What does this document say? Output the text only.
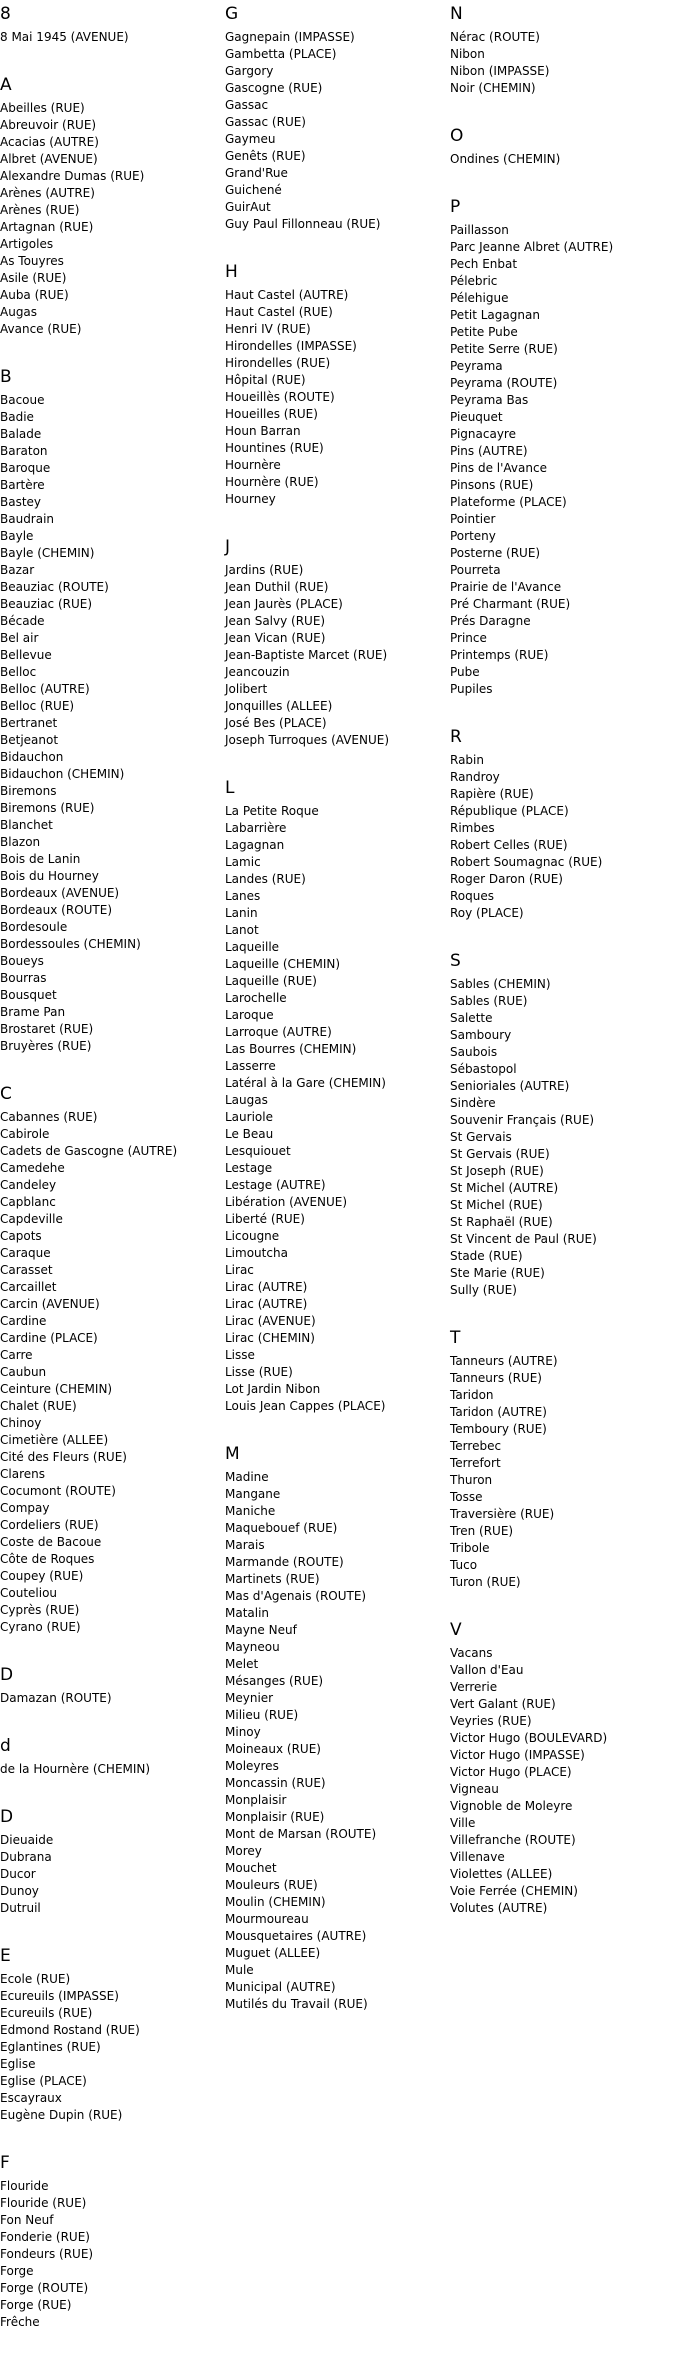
8
8 Mai 1945 (AVENUE)
A
Abeilles (RUE)
Abreuvoir (RUE)
Acacias (AUTRE)
Albret (AVENUE)
Alexandre Dumas (RUE)
Arènes (AUTRE)
Arènes (RUE)
Artagnan (RUE)
Artigoles
As Touyres
Asile (RUE)
Auba (RUE)
Augas
Avance (RUE)
B
Bacoue
Badie
Balade
Baraton
Baroque
Bartère
Bastey
Baudrain
Bayle
Bayle (CHEMIN)
Bazar
Beauziac (ROUTE)
Beauziac (RUE)
Bécade
Bel air
Bellevue
Belloc
Belloc (AUTRE)
Belloc (RUE)
Bertranet
Betjeanot
Bidauchon
Bidauchon (CHEMIN)
Biremons
Biremons (RUE)
Blanchet
Blazon
Bois de Lanin
Bois du Hourney
Bordeaux (AVENUE)
Bordeaux (ROUTE)
Bordesoule
Bordessoules (CHEMIN)
Boueys
Bourras
Bousquet
Brame Pan
Brostaret (RUE)
Bruyères (RUE)
C
Cabannes (RUE)
Cabirole
Cadets de Gascogne (AUTRE)
Camedehe
Candeley
Capblanc
Capdeville
Capots
Caraque
Carasset
Carcaillet
Carcin (AVENUE)
Cardine
Cardine (PLACE)
Carre
Caubun
Ceinture (CHEMIN)
Chalet (RUE)
Chinoy
Cimetière (ALLEE)
Cité des Fleurs (RUE)
Clarens
Cocumont (ROUTE)
Compay
Cordeliers (RUE)
Coste de Bacoue
Côte de Roques
Coupey (RUE)
Couteliou
Cyprès (RUE)
Cyrano (RUE)
D
Damazan (ROUTE)
d
de la Hournère (CHEMIN)
D
Dieuaide
Dubrana
Ducor
Dunoy
Dutruil
E
Ecole (RUE)
Ecureuils (IMPASSE)
Ecureuils (RUE)
Edmond Rostand (RUE)
Eglantines (RUE)
Eglise
Eglise (PLACE)
Escayraux
Eugène Dupin (RUE)
F
Flouride
Flouride (RUE)
Fon Neuf
Fonderie (RUE)
Fondeurs (RUE)
Forge
Forge (ROUTE)
Forge (RUE)
Frêche
G
Gagnepain (IMPASSE)
Gambetta (PLACE)
Gargory
Gascogne (RUE)
Gassac
Gassac (RUE)
Gaymeu
Genêts (RUE)
Grand'Rue
Guichené
GuirAut
Guy Paul Fillonneau (RUE)
H
Haut Castel (AUTRE)
Haut Castel (RUE)
Henri IV (RUE)
Hirondelles (IMPASSE)
Hirondelles (RUE)
Hôpital (RUE)
Houeillès (ROUTE)
Houeilles (RUE)
Houn Barran
Hountines (RUE)
Hournère
Hournère (RUE)
Hourney
J
Jardins (RUE)
Jean Duthil (RUE)
Jean Jaurès (PLACE)
Jean Salvy (RUE)
Jean Vican (RUE)
Jean-Baptiste Marcet (RUE)
Jeancouzin
Jolibert
Jonquilles (ALLEE)
José Bes (PLACE)
Joseph Turroques (AVENUE)
L
La Petite Roque
Labarrière
Lagagnan
Lamic
Landes (RUE)
Lanes
Lanin
Lanot
Laqueille
Laqueille (CHEMIN)
Laqueille (RUE)
Larochelle
Laroque
Larroque (AUTRE)
Las Bourres (CHEMIN)
Lasserre
Latéral à la Gare (CHEMIN)
Laugas
Lauriole
Le Beau
Lesquiouet
Lestage
Lestage (AUTRE)
Libération (AVENUE)
Liberté (RUE)
Licougne
Limoutcha
Lirac
Lirac (AUTRE)
Lirac (AUTRE)
Lirac (AVENUE)
Lirac (CHEMIN)
Lisse
Lisse (RUE)
Lot Jardin Nibon
Louis Jean Cappes (PLACE)
M
Madine
Mangane
Maniche
Maquebouef (RUE)
Marais
Marmande (ROUTE)
Martinets (RUE)
Mas d'Agenais (ROUTE)
Matalin
Mayne Neuf
Mayneou
Melet
Mésanges (RUE)
Meynier
Milieu (RUE)
Minoy
Moineaux (RUE)
Moleyres
Moncassin (RUE)
Monplaisir
Monplaisir (RUE)
Mont de Marsan (ROUTE)
Morey
Mouchet
Mouleurs (RUE)
Moulin (CHEMIN)
Mourmoureau
Mousquetaires (AUTRE)
Muguet (ALLEE)
Mule
Municipal (AUTRE)
Mutilés du Travail (RUE)
N
Nérac (ROUTE)
Nibon
Nibon (IMPASSE)
Noir (CHEMIN)
O
Ondines (CHEMIN)
P
Paillasson
Parc Jeanne Albret (AUTRE)
Pech Enbat
Pélebric
Pélehigue
Petit Lagagnan
Petite Pube
Petite Serre (RUE)
Peyrama
Peyrama (ROUTE)
Peyrama Bas
Pieuquet
Pignacayre
Pins (AUTRE)
Pins de l'Avance
Pinsons (RUE)
Plateforme (PLACE)
Pointier
Porteny
Posterne (RUE)
Pourreta
Prairie de l'Avance
Pré Charmant (RUE)
Prés Daragne
Prince
Printemps (RUE)
Pube
Pupiles
R
Rabin
Randroy
Rapière (RUE)
République (PLACE)
Rimbes
Robert Celles (RUE)
Robert Soumagnac (RUE)
Roger Daron (RUE)
Roques
Roy (PLACE)
S
Sables (CHEMIN)
Sables (RUE)
Salette
Samboury
Saubois
Sébastopol
Senioriales (AUTRE)
Sindère
Souvenir Français (RUE)
St Gervais
St Gervais (RUE)
St Joseph (RUE)
St Michel (AUTRE)
St Michel (RUE)
St Raphaël (RUE)
St Vincent de Paul (RUE)
Stade (RUE)
Ste Marie (RUE)
Sully (RUE)
T
Tanneurs (AUTRE)
Tanneurs (RUE)
Taridon
Taridon (AUTRE)
Temboury (RUE)
Terrebec
Terrefort
Thuron
Tosse
Traversière (RUE)
Tren (RUE)
Tribole
Tuco
Turon (RUE)
V
Vacans
Vallon d'Eau
Verrerie
Vert Galant (RUE)
Veyries (RUE)
Victor Hugo (BOULEVARD)
Victor Hugo (IMPASSE)
Victor Hugo (PLACE)
Vigneau
Vignoble de Moleyre
Ville
Villefranche (ROUTE)
Villenave
Violettes (ALLEE)
Voie Ferrée (CHEMIN)
Volutes (AUTRE)
